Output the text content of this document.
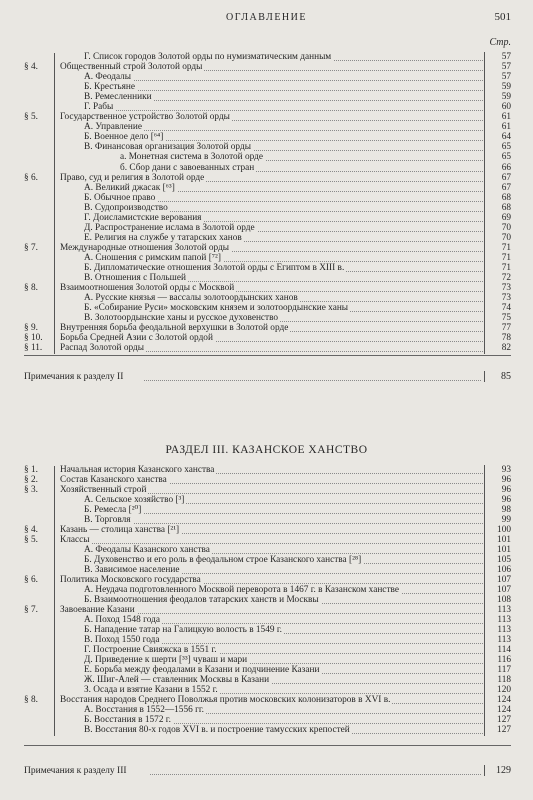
ОГЛАВЛЕНИЕ	501
Стр.
Г. Список городов Золотой орды по нумизматическим данным	57
§ 4. Общественный строй Золотой орды	57
А. Феодалы	57
Б. Крестьяне	59
В. Ремесленники	59
Г. Рабы	60
§ 5. Государственное устройство Золотой орды	61
А. Управление	61
Б. Военное дело [⁶⁴]	64
В. Финансовая организация Золотой орды	65
а. Монетная система в Золотой орде	65
б. Сбор дани с завоеванных стран	66
§ 6. Право, суд и религия в Золотой орде	67
А. Великий джасак [⁶³]	67
Б. Обычное право	68
В. Судопроизводство	68
Г. Доисламистские верования	69
Д. Распространение ислама в Золотой орде	70
Е. Религия на службе у татарских ханов	70
§ 7. Международные отношения Золотой орды	71
А. Сношения с римским папой [⁷²]	71
Б. Дипломатические отношения Золотой орды с Египтом в XIII в.	71
В. Отношения с Польшей	72
§ 8. Взаимоотношения Золотой орды с Москвой	73
А. Русские князья — вассалы золотоордынских ханов	73
Б. «Собирание Руси» московским князем и золотоордынские ханы	74
В. Золотоордынские ханы и русское духовенство	75
§ 9. Внутренняя борьба феодальной верхушки в Золотой орде	77
§ 10. Борьба Средней Азии с Золотой ордой	78
§ 11. Распад Золотой орды	82
Примечания к разделу II	85
РАЗДЕЛ III. КАЗАНСКОЕ ХАНСТВО
§ 1. Начальная история Казанского ханства	93
§ 2. Состав Казанского ханства	96
§ 3. Хозяйственный строй	96
А. Сельское хозяйство [³]	96
Б. Ремесла [²⁰]	98
В. Торговля	99
§ 4. Казань — столица ханства [²¹]	100
§ 5. Классы	101
А. Феодалы Казанского ханства	101
Б. Духовенство и его роль в феодальном строе Казанского ханства [²⁸]	105
В. Зависимое население	106
§ 6. Политика Московского государства	107
А. Неудача подготовленного Москвой переворота в 1467 г. в Казанском ханстве	107
Б. Взаимоотношения феодалов татарских ханств и Москвы	108
§ 7. Завоевание Казани	113
А. Поход 1548 года	113
Б. Нападение татар на Галицкую волость в 1549 г.	113
В. Поход 1550 года	113
Г. Построение Свияжска в 1551 г.	114
Д. Приведение к шерти [³³] чуваш и мари	116
Е. Борьба между феодалами в Казани и подчинение Казани	117
Ж. Шиг-Алей — ставленник Москвы в Казани	118
З. Осада и взятие Казани в 1552 г.	120
§ 8. Восстания народов Среднего Поволжья против московских колонизаторов в XVI в.	124
А. Восстания в 1552—1556 гг.	124
Б. Восстания в 1572 г.	127
В. Восстания 80-х годов XVI в. и построение тамусских крепостей	127
Примечания к разделу III	129
